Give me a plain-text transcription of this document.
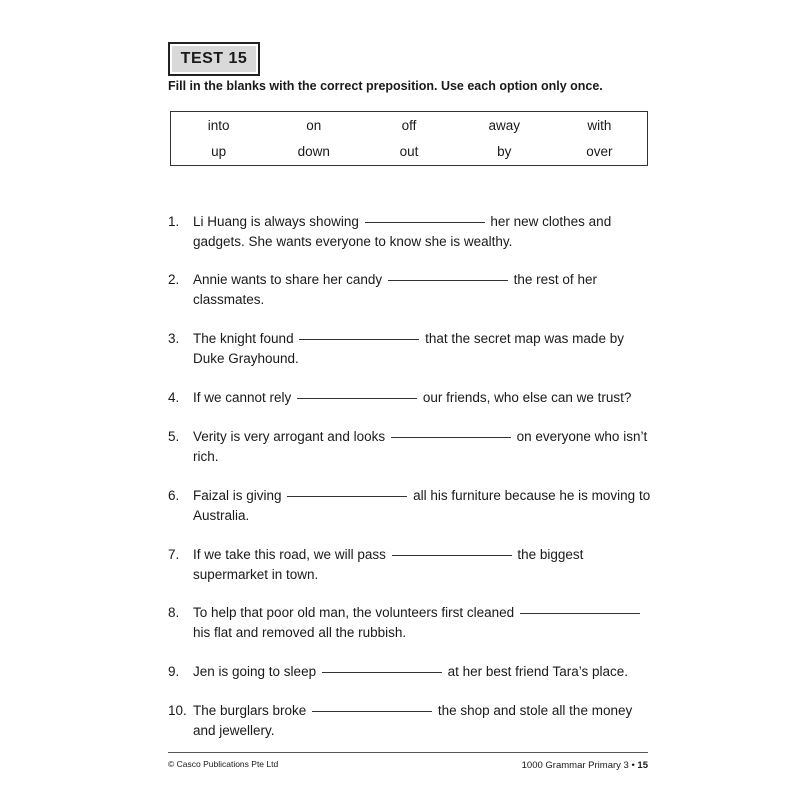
TEST 15
Fill in the blanks with the correct preposition. Use each option only once.
into	on	off	away	with
up	down	out	by	over
1.	Li Huang is always showing	her new clothes and gadgets. She wants everyone to know she is wealthy.
2.	Annie wants to share her candy	the rest of her classmates.
3.	The knight found	that the secret map was made by Duke Grayhound.
4.	If we cannot rely	our friends, who else can we trust?
5.	Verity is very arrogant and looks	on everyone who isn’t rich.
6.	Faizal is giving	all his furniture because he is moving to Australia.
7.	If we take this road, we will pass	the biggest supermarket in town.
8.	To help that poor old man, the volunteers first cleaned  his flat and removed all the rubbish.
9.	Jen is going to sleep	at her best friend Tara’s place.
10. The burglars broke	the shop and stole all the money and jewellery.
© Casco Publications Pte Ltd	1000 Grammar Primary 3 • 15
